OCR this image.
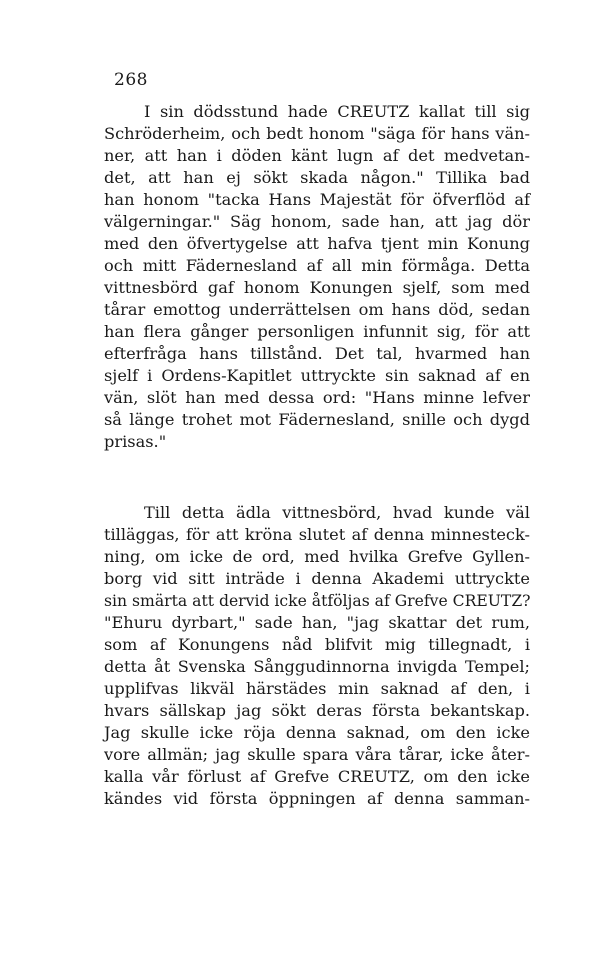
268
I sin dödsstund hade CREUTZ kallat till sig
Schröderheim, och bedt honom "säga för hans vän-
ner, att han i döden känt lugn af det medvetan-
det, att han ej sökt skada någon." Tillika bad
han honom "tacka Hans Majestät för öfverflöd af
välgerningar." Säg honom, sade han, att jag dör
med den öfvertygelse att hafva tjent min Konung
och mitt Fäderneslаnd af all min förmåga. Detta
vittnesbörd gaf honom Konungen sjelf, som med
tårar emottog underrättelsen om hans död, sedan
han flera gånger personligen infunnit sig, för att
efterfråga hans tillstånd. Det tal, hvarmed han
sjelf i Ordens-Kapitlet uttryckte sin saknad af en
vän, slöt han med dessa ord: "Hans minne lefver
så länge trohet mot Fäderneslаnd, snille och dygd
prisas."
Till detta ädla vittnesbörd, hvad kunde väl
tilläggas, för att kröna slutet af denna minnesteck-
ning, om icke de ord, med hvilka Grefve Gyllen-
borg vid sitt inträde i denna Akademi uttryckte
sin smärta att dervid icke åtföljas af Grefve CREUTZ?
"Ehuru dyrbart," sade han, "jag skattar det rum,
som af Konungens nåd blifvit mig tillegnadt, i
detta åt Svenska Sånggudinnorna invigda Tempel;
upplifvas likväl härstädes min saknad af den, i
hvars sällskap jag sökt deras första bekantskap.
Jag skulle icke röja denna saknad, om den icke
vore allmän; jag skulle spara våra tårar, icke åter-
kalla vår förlust af Grefve CREUTZ, om den icke
kändes vid första öppningen af denna samman-
